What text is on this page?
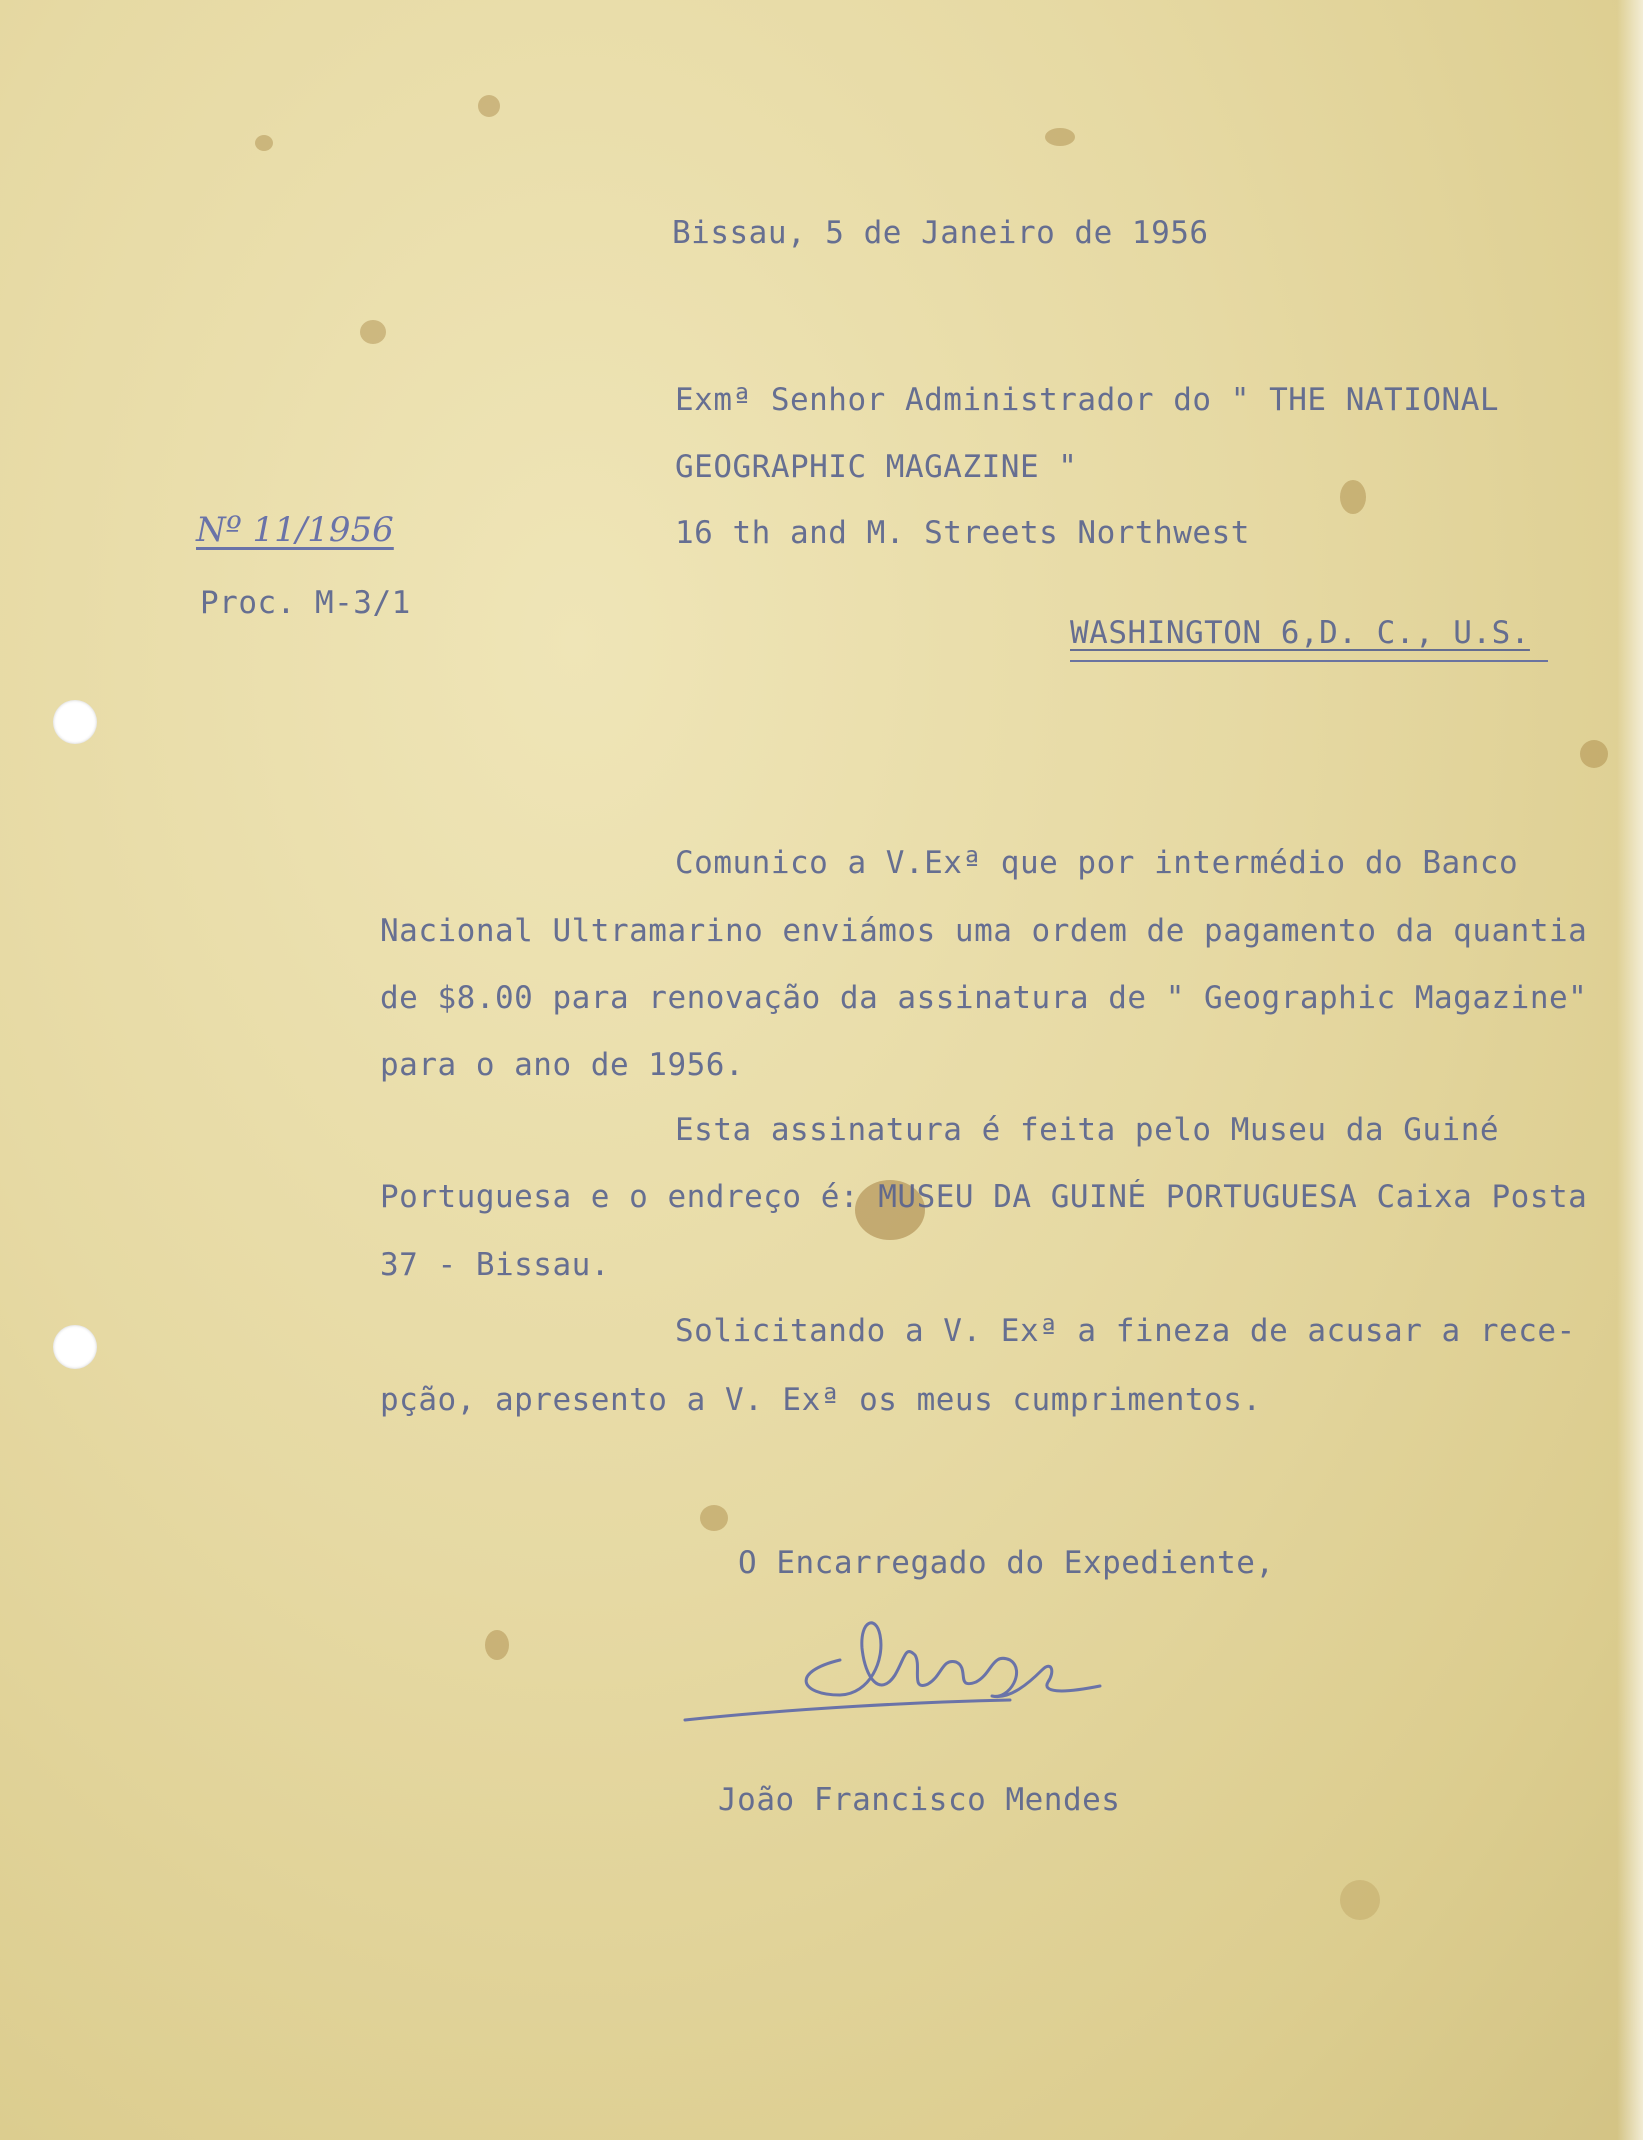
Bissau, 5 de Janeiro de 1956
Nº 11/1956
Proc. M-3/1
Exmª Senhor Administrador do " THE NATIONAL
GEOGRAPHIC MAGAZINE "
16 th and M. Streets Northwest
WASHINGTON 6,D. C., U.S.
Comunico a V.Exª que por intermédio do Banco
Nacional Ultramarino enviámos uma ordem de pagamento da quantia
de $8.00 para renovação da assinatura de " Geographic Magazine"
para o ano de 1956.
Esta assinatura é feita pelo Museu da Guiné
Portuguesa e o endreço é: MUSEU DA GUINÉ PORTUGUESA Caixa Posta
37 - Bissau.
Solicitando a V. Exª a fineza de acusar a rece-
pção, apresento a V. Exª os meus cumprimentos.
O Encarregado do Expediente,
João Francisco Mendes
